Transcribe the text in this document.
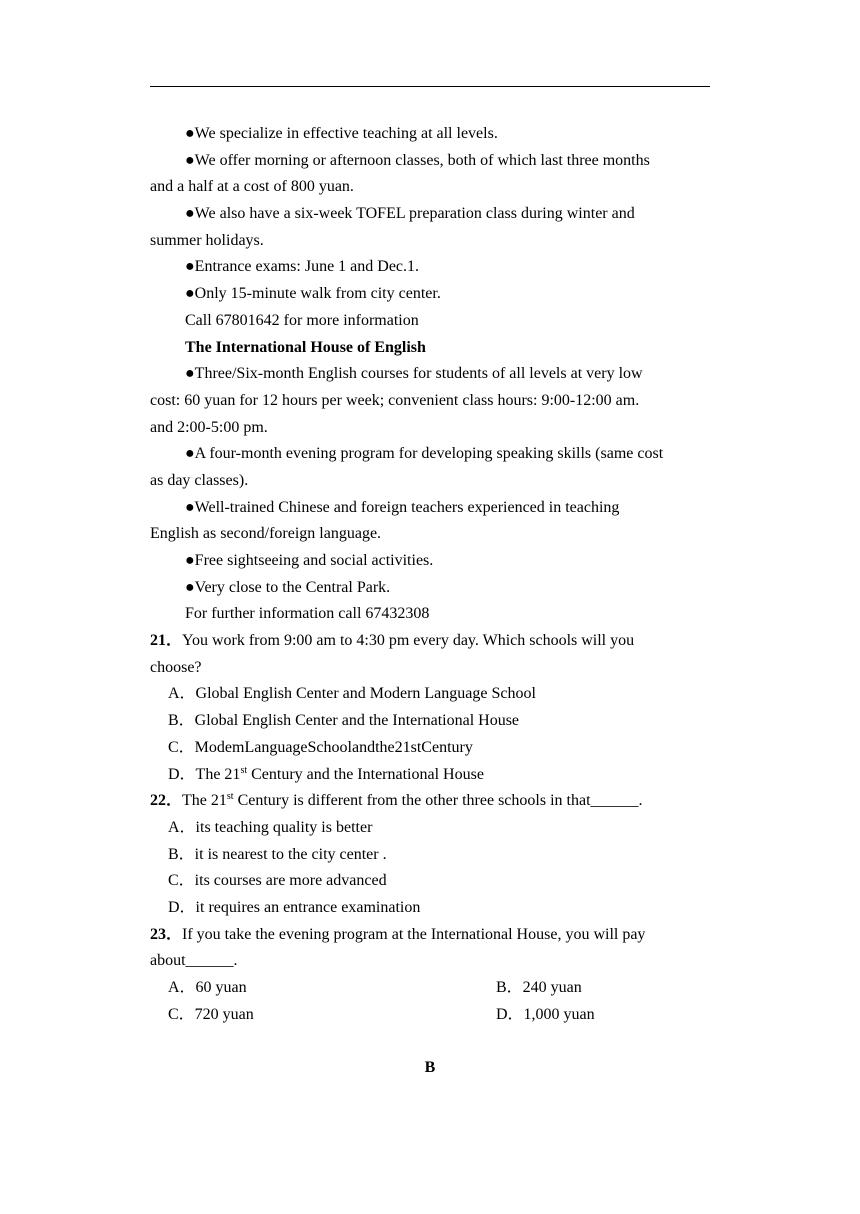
●We specialize in effective teaching at all levels.
●We offer morning or afternoon classes, both of which last three months
and a half at a cost of 800 yuan.
●We also have a six-week TOFEL preparation class during winter and
summer holidays.
●Entrance exams: June 1 and Dec.1.
●Only 15-minute walk from city center.
Call 67801642 for more information
The International House of English
●Three/Six-month English courses for students of all levels at very low
cost: 60 yuan for 12 hours per week; convenient class hours: 9:00-12:00 am.
and 2:00-5:00 pm.
●A four-month evening program for developing speaking skills (same cost
as day classes).
●Well-trained Chinese and foreign teachers experienced in teaching
English as second/foreign language.
●Free sightseeing and social activities.
●Very close to the Central Park.
For further information call 67432308
21．You work from 9:00 am to 4:30 pm every day. Which schools will you
choose?
A．Global English Center and Modern Language School
B．Global English Center and the International House
C．ModemLanguageSchoolandthe21stCentury
D．The 21st Century and the International House
22．The 21st Century is different from the other three schools in that______.
A．its teaching quality is better
B．it is nearest to the city center .
C．its courses are more advanced
D．it requires an entrance examination
23．If you take the evening program at the International House, you will pay
about______.
A．60 yuan	B．240 yuan
C．720 yuan	D．1,000 yuan
B
